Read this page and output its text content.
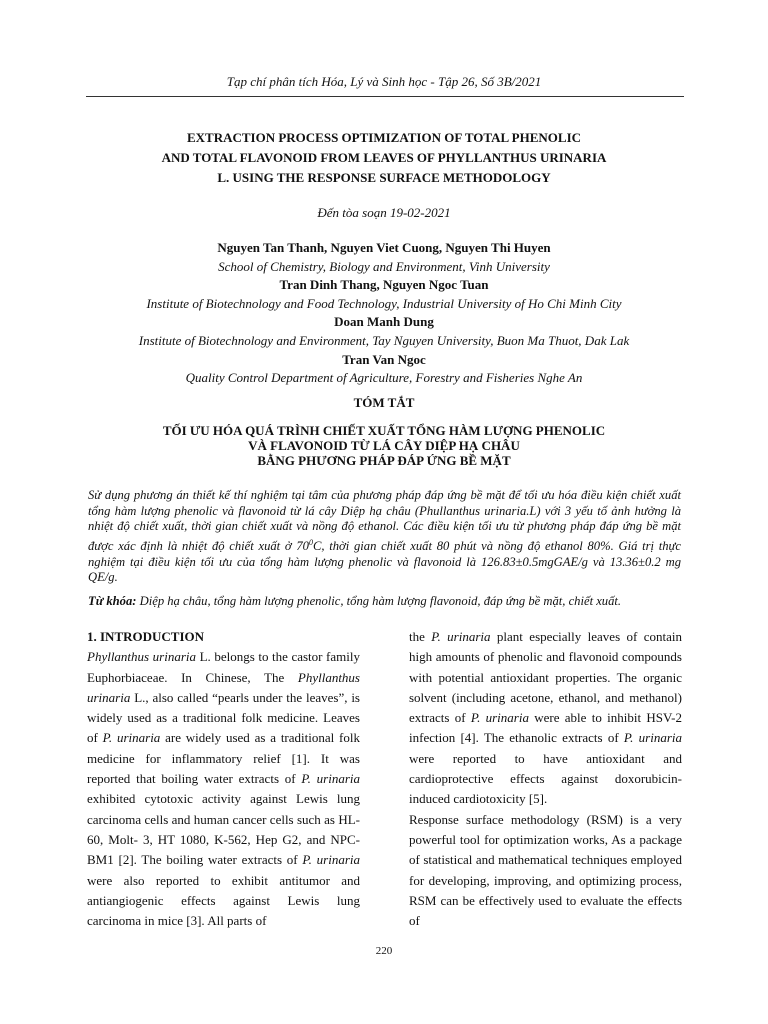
Tạp chí phân tích Hóa, Lý và Sinh học - Tập 26, Số 3B/2021
EXTRACTION PROCESS OPTIMIZATION OF TOTAL PHENOLIC
AND TOTAL FLAVONOID FROM LEAVES OF PHYLLANTHUS URINARIA
L. USING THE RESPONSE SURFACE METHODOLOGY
Đến tòa soạn 19-02-2021
Nguyen Tan Thanh, Nguyen Viet Cuong, Nguyen Thi Huyen
School of Chemistry, Biology and Environment, Vinh University
Tran Dinh Thang, Nguyen Ngoc Tuan
Institute of Biotechnology and Food Technology, Industrial University of Ho Chi Minh City
Doan Manh Dung
Institute of Biotechnology and Environment, Tay Nguyen University, Buon Ma Thuot, Dak Lak
Tran Van Ngoc
Quality Control Department of Agriculture, Forestry and Fisheries Nghe An
TÓM TẮT
TỐI ƯU HÓA QUÁ TRÌNH CHIẾT XUẤT TỔNG HÀM LƯỢNG PHENOLIC
VÀ FLAVONOID TỪ LÁ CÂY DIỆP HẠ CHÂU
BẰNG PHƯƠNG PHÁP ĐÁP ỨNG BỀ MẶT
Sử dụng phương án thiết kế thí nghiệm tại tâm của phương pháp đáp ứng bề mặt để tối ưu hóa điều kiện chiết xuất tổng hàm lượng phenolic và flavonoid từ lá cây Diệp hạ châu (Phullanthus urinaria.L) với 3 yếu tố ảnh hưởng là nhiệt độ chiết xuất, thời gian chiết xuất và nồng độ ethanol. Các điều kiện tối ưu từ phương pháp đáp ứng bề mặt được xác định là nhiệt độ chiết xuất ở $70^0C$, thời gian chiết xuất 80 phút và nồng độ ethanol 80%. Giá trị thực nghiệm tại điều kiện tối ưu của tổng hàm lượng phenolic và flavonoid là 126.83±0.5mgGAE/g và 13.36±0.2 mg QE/g.
Từ khóa: Diệp hạ châu, tổng hàm lượng phenolic, tổng hàm lượng flavonoid, đáp ứng bề mặt, chiết xuất.
1. INTRODUCTION

Phyllanthus urinaria L. belongs to the castor family Euphorbiaceae. In Chinese, The Phyllanthus urinaria L., also called “pearls under the leaves”, is widely used as a traditional folk medicine. Leaves of P. urinaria are widely used as a traditional folk medicine for inflammatory relief [1]. It was reported that boiling water extracts of P. urinaria exhibited cytotoxic activity against Lewis lung carcinoma cells and human cancer cells such as HL-60, Molt- 3, HT 1080, K-562, Hep G2, and NPC-BM1 [2]. The boiling water extracts of P. urinaria were also reported to exhibit antitumor and antiangiogenic effects against Lewis lung carcinoma in mice [3]. All parts of

the P. urinaria plant especially leaves of contain high amounts of phenolic and flavonoid compounds with potential antioxidant properties. The organic solvent (including acetone, ethanol, and methanol) extracts of P. urinaria were able to inhibit HSV-2 infection [4]. The ethanolic extracts of P. urinaria were reported to have antioxidant and cardioprotective effects against doxorubicin-induced cardiotoxicity [5].

Response surface methodology (RSM) is a very powerful tool for optimization works, As a package of statistical and mathematical techniques employed for developing, improving, and optimizing process, RSM can be effectively used to evaluate the effects of

220
